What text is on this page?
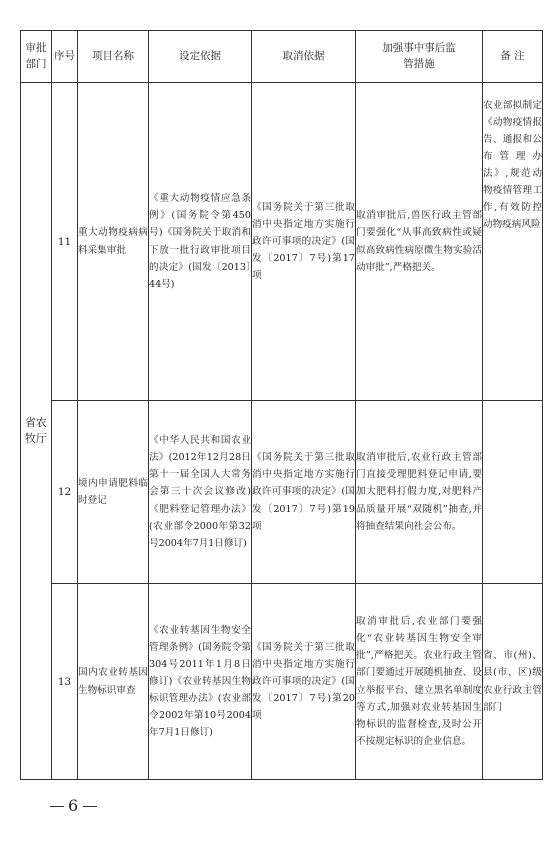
审批部门	序号	项目名称	设定依据	取消依据	加强事中事后监管措施	备 注
省农牧厅	11	重大动物疫病病料采集审批	《重大动物疫情应急条例》(国务院令第450号)《国务院关于取消和下放一批行政审批项目的决定》(国发〔2013〕44号)	《国务院关于第三批取消中央指定地方实施行政许可事项的决定》(国发〔2017〕7号)第17项	取消审批后,兽医行政主管部门要强化“从事高致病性或疑似高致病性病原微生物实验活动审批”,严格把关。	农业部拟制定《动物疫情报告、通报和公布管理办法》,规范动物疫情管理工作,有效防控动物疫病风险
	12	境内申请肥料临时登记	《中华人民共和国农业法》(2012年12月28日第十一届全国人大常务会第三十次会议修改)《肥料登记管理办法》(农业部令2000年第32号2004年7月1日修订)	《国务院关于第三批取消中央指定地方实施行政许可事项的决定》(国发〔2017〕7号)第19项	取消审批后,农业行政主管部门直接受理肥料登记申请,要加大肥料打假力度,对肥料产品质量开展“双随机”抽查,并将抽查结果向社会公布。	
	13	国内农业转基因生物标识审查	《农业转基因生物安全管理条例》(国务院令第304号2011年1月8日修订)《农业转基因生物标识管理办法》(农业部令2002年第10号2004年7月1日修订)	《国务院关于第三批取消中央指定地方实施行政许可事项的决定》(国发〔2017〕7号)第20项	取消审批后,农业部门要强化“农业转基因生物安全审批”,严格把关。农业行政主管部门要通过开展随机抽查、设立举报平台、建立黑名单制度等方式,加强对农业转基因生物标识的监督检查,及时公开不按规定标识的企业信息。	省、市(州)、县(市、区)级农业行政主管部门
6
